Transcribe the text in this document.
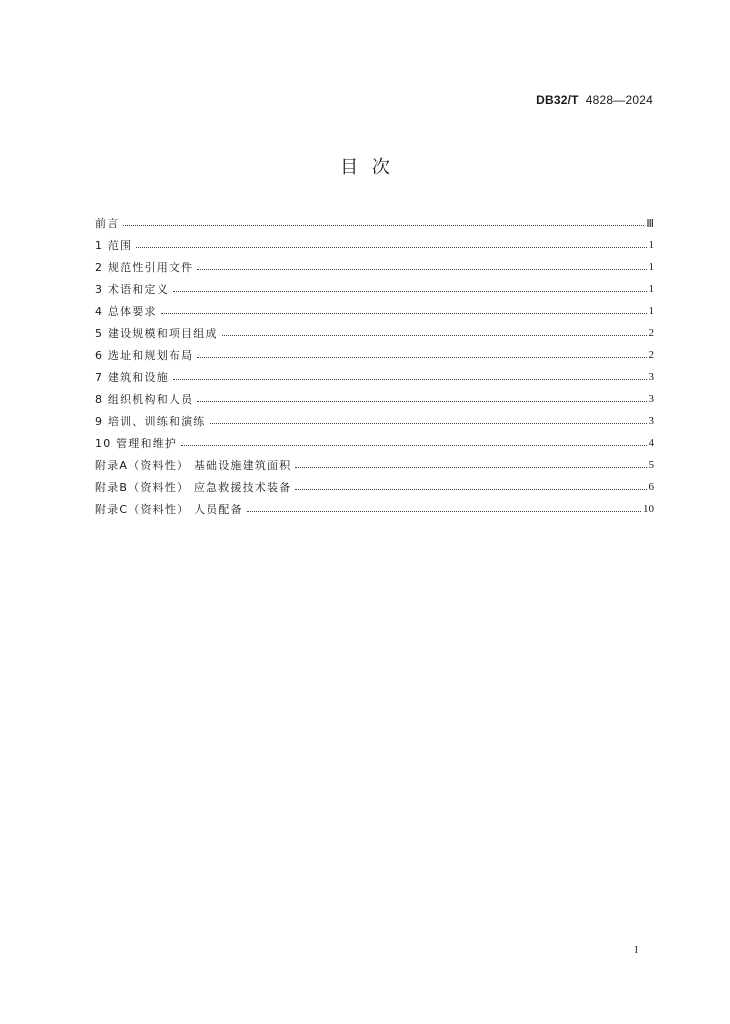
DB32/T 4828—2024
目 次
前言	Ⅲ
1 范围	1
2 规范性引用文件	1
3 术语和定义	1
4 总体要求	1
5 建设规模和项目组成	2
6 选址和规划布局	2
7 建筑和设施	3
8 组织机构和人员	3
9 培训、训练和演练	3
10 管理和维护	4
附录A（资料性） 基础设施建筑面积	5
附录B（资料性） 应急救援技术装备	6
附录C（资料性） 人员配备	10
I
